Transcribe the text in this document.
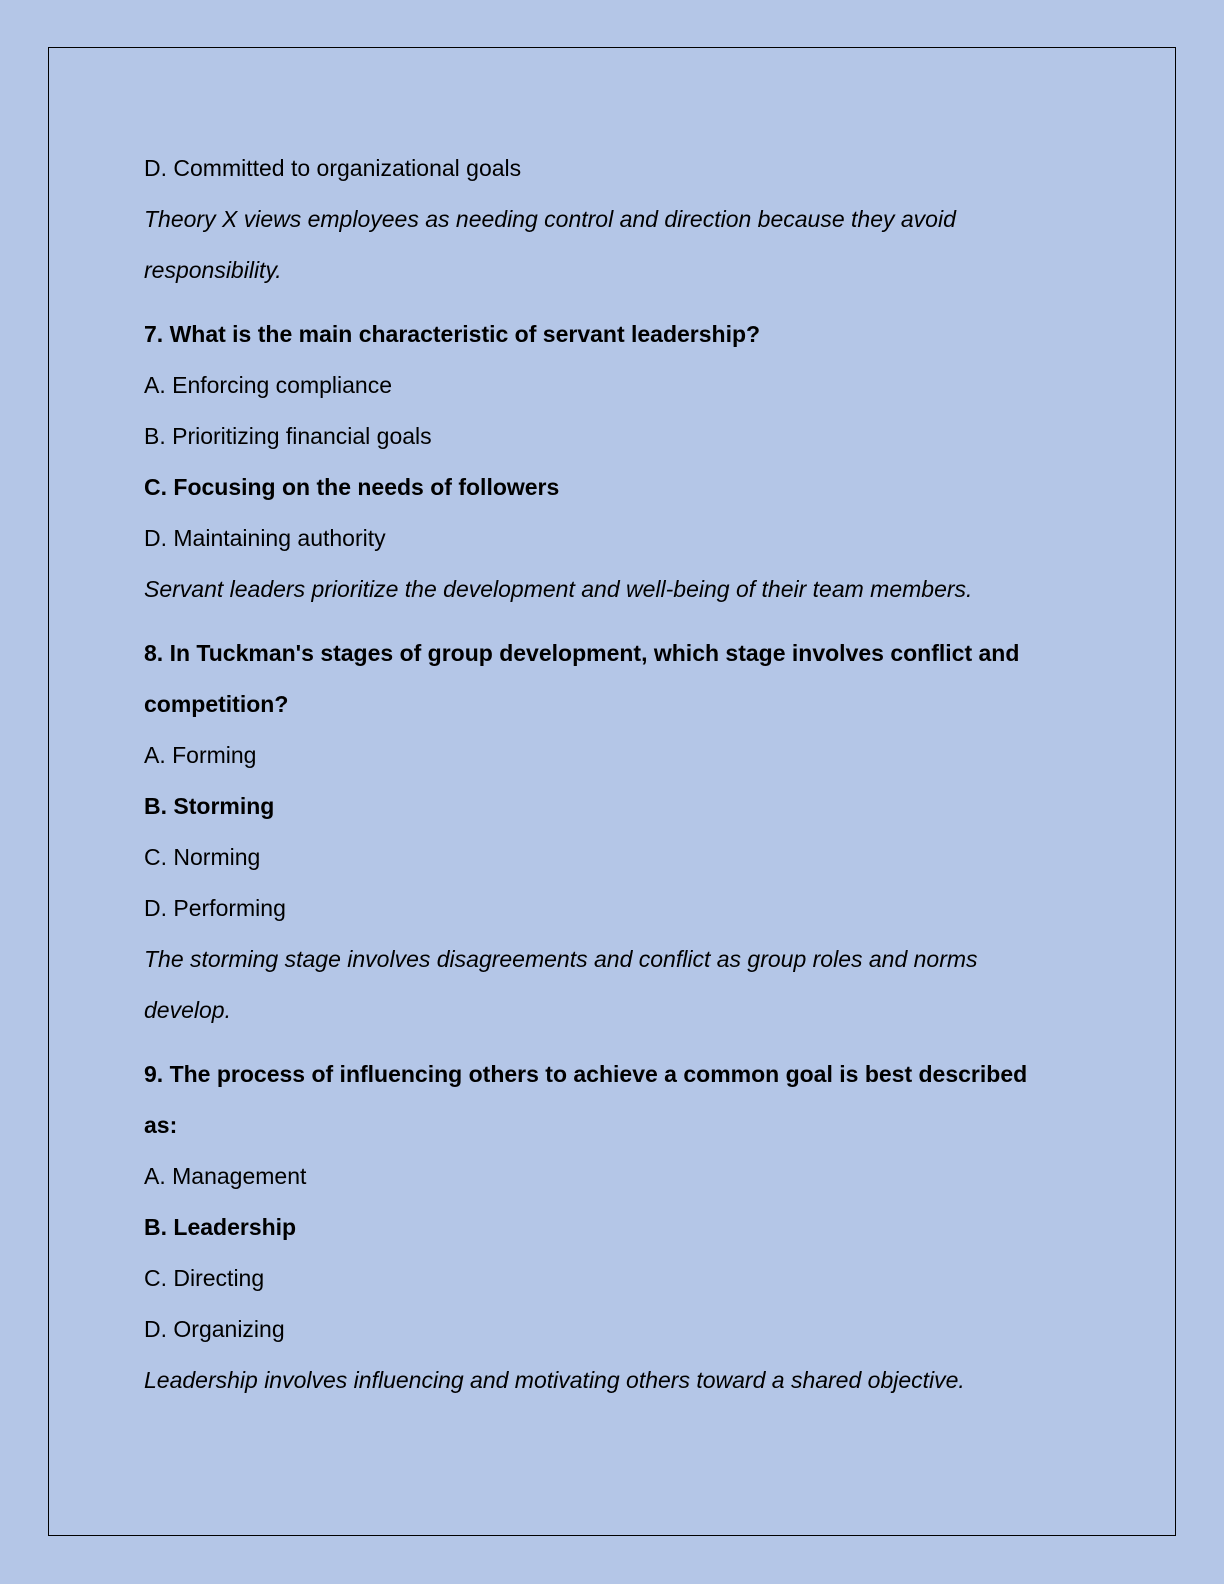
D. Committed to organizational goals

Theory X views employees as needing control and direction because they avoid

responsibility.

7. What is the main characteristic of servant leadership?

A. Enforcing compliance

B. Prioritizing financial goals

C. Focusing on the needs of followers

D. Maintaining authority

Servant leaders prioritize the development and well-being of their team members.

8. In Tuckman's stages of group development, which stage involves conflict and

competition?

A. Forming

B. Storming

C. Norming

D. Performing

The storming stage involves disagreements and conflict as group roles and norms

develop.

9. The process of influencing others to achieve a common goal is best described

as:

A. Management

B. Leadership

C. Directing

D. Organizing

Leadership involves influencing and motivating others toward a shared objective.
